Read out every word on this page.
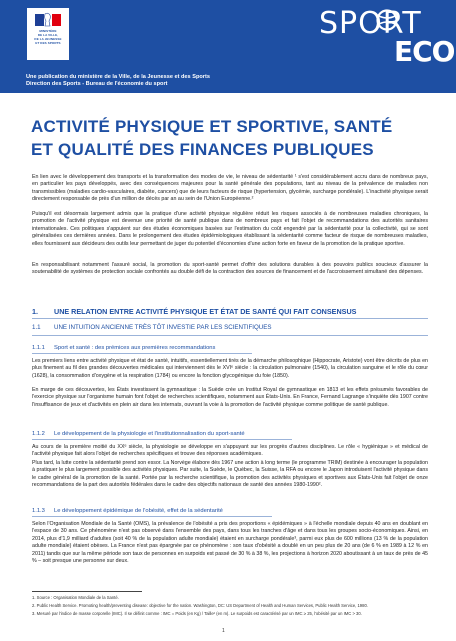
MINISTÈRE
DE LA VILLE,
DE LA JEUNESSE
ET DES SPORTS
SPORT
ECO
Une publication du ministère de la Ville, de la Jeunesse et des Sports
Direction des Sports - Bureau de l'économie du sport
ACTIVITÉ PHYSIQUE ET SPORTIVE, SANTÉ
ET QUALITÉ DES FINANCES PUBLIQUES
En lien avec le développement des transports et la transformation des modes de vie, le niveau de sédentarité ¹ s'est considérablement accru dans de nombreux pays, en particulier les pays développés, avec des conséquences majeures pour la santé générale des populations, tant au niveau de la prévalence de maladies non transmissibles (maladies cardio-vasculaires, diabète, cancers) que de leurs facteurs de risque (hypertension, glycémie, surcharge pondérale). L'inactivité physique serait directement responsable de près d'un million de décès par an au sein de l'Union Européenne.²
Puisqu'il est désormais largement admis que la pratique d'une activité physique régulière réduit les risques associés à de nombreuses maladies chroniques, la promotion de l'activité physique est devenue une priorité de santé publique dans de nombreux pays et fait l'objet de recommandations des autorités sanitaires internationales. Ces politiques s'appuient sur des études économiques basées sur l'estimation du coût engendré par la sédentarité pour la collectivité, qui se sont généralisées ces dernières années. Dans le prolongement des études épidémiologiques établissant la sédentarité comme facteur de risque de nombreuses maladies, elles fournissent aux décideurs des outils leur permettant de juger du potentiel d'économies d'une action forte en faveur de la promotion de la pratique sportive.
En responsabilisant notamment l'assuré social, la promotion du sport-santé permet d'offrir des solutions durables à des pouvoirs publics soucieux d'assurer la soutenabilité de systèmes de protection sociale confrontés au double défi de la contraction des sources de financement et de l'accroissement simultané des dépenses.
1. UNE RELATION ENTRE ACTIVITÉ PHYSIQUE ET ÉTAT DE SANTÉ QUI FAIT CONSENSUS
1.1 UNE INTUITION ANCIENNE TRÈS TÔT INVESTIE PAR LES SCIENTIFIQUES
1.1.1 Sport et santé : des prémices aux premières recommandations
Les premiers liens entre activité physique et état de santé, intuitifs, essentiellement tirés de la démarche philosophique (Hippocrate, Aristote) vont être décrits de plus en plus finement au fil des grandes découvertes médicales qui interviennent dès le XVIᵉ siècle : la circulation pulmonaire (1540), la circulation sanguine et le rôle du cœur (1628), la consommation d'oxygène et la respiration (1784) ou encore la fonction glycogénique du foie (1850).
En marge de ces découvertes, les États investissent la gymnastique : la Suède crée un Institut Royal de gymnastique en 1813 et les effets présumés favorables de l'exercice physique sur l'organisme humain font l'objet de recherches scientifiques, notamment aux États-Unis. En France, Fernand Lagrange s'inquiète dès 1907 contre l'insuffisance de jeux et d'activités en plein air dans les internats, ouvrant la voie à la promotion de l'activité physique comme politique de santé publique.
1.1.2 Le développement de la physiologie et l'institutionnalisation du sport-santé
Au cours de la première moitié du XXᵉ siècle, la physiologie se développe en s'appuyant sur les progrès d'autres disciplines. Le rôle « hygiénique » et médical de l'activité physique fait alors l'objet de recherches spécifiques et trouve des réponses académiques.
Plus tard, la lutte contre la sédentarité prend son essor. La Norvège élabore dès 1967 une action à long terme (le programme TRIM) destinée à encourager la population à pratiquer le plus largement possible des activités physiques. Par suite, la Suède, le Québec, la Suisse, la RFA ou encore le Japon introduisent l'activité physique dans le cadre général de la promotion de la santé. Portée par la recherche scientifique, la promotion des activités physiques et sportives aux États-Unis fait l'objet de onze recommandations de la part des autorités fédérales dans le cadre des objectifs nationaux de santé des années 1980-1990².
1.1.3 Le développement épidémique de l'obésité, effet de la sédentarité
Selon l'Organisation Mondiale de la Santé (OMS), la prévalence de l'obésité a pris des proportions « épidémiques » à l'échelle mondiale depuis 40 ans en doublant en l'espace de 30 ans. Ce phénomène n'est pas observé dans l'ensemble des pays, dans tous les tranches d'âge et dans tous les groupes socio-économiques. Ainsi, en 2014, plus d'1,9 milliard d'adultes (soit 40 % de la population adulte mondiale) étaient en surcharge pondérale³, parmi eux plus de 600 millions (13 % de la population adulte mondiale) étaient obèses. La France n'est pas épargnée par ce phénomène : son taux d'obésité a doublé en un peu plus de 20 ans (de 6 % en 1989 à 12 % en 2011) tandis que sur la même période son taux de personnes en surpoids est passé de 30 % à 38 %, les projections à horizon 2020 aboutissant à un taux de près de 45 % – soit presque une personne sur deux.
1. Source : Organisation Mondiale de la Santé.
2. Public Health Service. Promoting health/preventing disease: objective for the nation. Washington, DC: US Department of Health and Human Services, Public Health Service, 1980.
3. Mesuré par l'indice de masse corporelle (IMC). Il se définit comme : IMC = Poids (en Kg) / Taille² (en m). Le surpoids est caractérisé par un IMC ≥ 25, l'obésité par un IMC > 30.
1
